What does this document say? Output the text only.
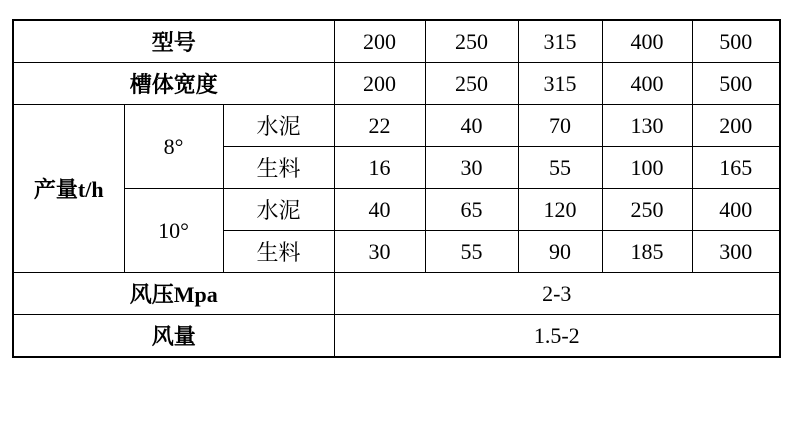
型号			200	250	315	400	500
槽体宽度			200	250	315	400	500
产量t/h	8°	水泥	22	40	70	130	200
		生料	16	30	55	100	165
	10°	水泥	40	65	120	250	400
		生料	30	55	90	185	300
风压Mpa			2-3				
风量			1.5-2				
